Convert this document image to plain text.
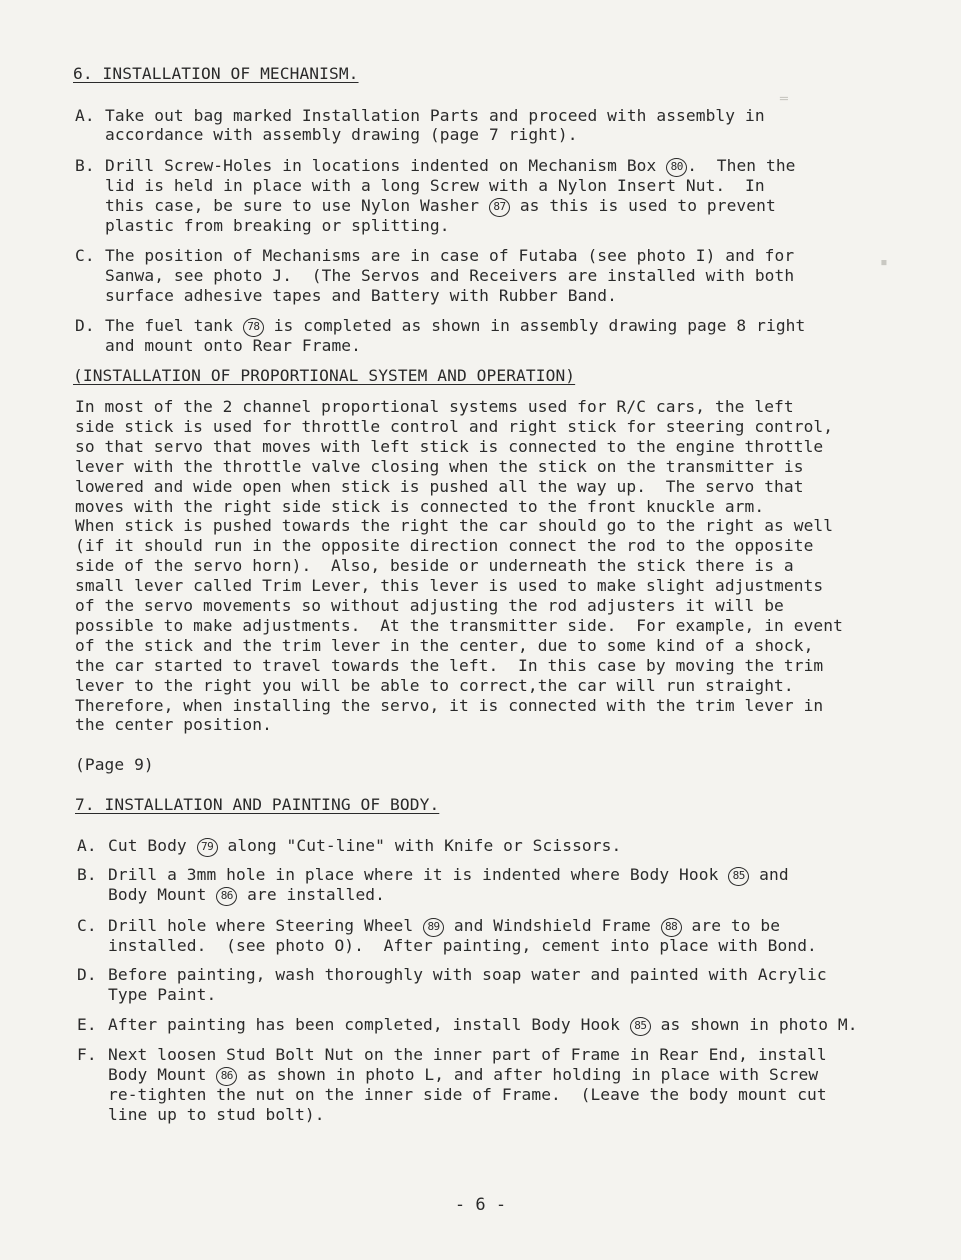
═
▪
6. INSTALLATION OF MECHANISM.
A. Take out bag marked Installation Parts and proceed with assembly in
accordance with assembly drawing (page 7 right).
B. Drill Screw-Holes in locations indented on Mechanism Box 80 .  Then the
lid is held in place with a long Screw with a Nylon Insert Nut.  In
this case, be sure to use Nylon Washer 87 as this is used to prevent
plastic from breaking or splitting.
C. The position of Mechanisms are in case of Futaba (see photo I) and for
Sanwa, see photo J.  (The Servos and Receivers are installed with both
surface adhesive tapes and Battery with Rubber Band.
D. The fuel tank 78 is completed as shown in assembly drawing page 8 right
and mount onto Rear Frame.
(INSTALLATION OF PROPORTIONAL SYSTEM AND OPERATION)
In most of the 2 channel proportional systems used for R/C cars, the left
side stick is used for throttle control and right stick for steering control,
so that servo that moves with left stick is connected to the engine throttle
lever with the throttle valve closing when the stick on the transmitter is
lowered and wide open when stick is pushed all the way up.  The servo that
moves with the right side stick is connected to the front knuckle arm.
When stick is pushed towards the right the car should go to the right as well
(if it should run in the opposite direction connect the rod to the opposite
side of the servo horn).  Also, beside or underneath the stick there is a
small lever called Trim Lever, this lever is used to make slight adjustments
of the servo movements so without adjusting the rod adjusters it will be
possible to make adjustments.  At the transmitter side.  For example, in event
of the stick and the trim lever in the center, due to some kind of a shock,
the car started to travel towards the left.  In this case by moving the trim
lever to the right you will be able to correct,the car will run straight.
Therefore, when installing the servo, it is connected with the trim lever in
the center position.
(Page 9)
7. INSTALLATION AND PAINTING OF BODY.
A. Cut Body 79 along "Cut-line" with Knife or Scissors.
B. Drill a 3mm hole in place where it is indented where Body Hook 85 and
Body Mount 86 are installed.
C. Drill hole where Steering Wheel 89 and Windshield Frame 88 are to be
installed.  (see photo O).  After painting, cement into place with Bond.
D. Before painting, wash thoroughly with soap water and painted with Acrylic
Type Paint.
E. After painting has been completed, install Body Hook 85 as shown in photo M.
F. Next loosen Stud Bolt Nut on the inner part of Frame in Rear End, install
Body Mount 86 as shown in photo L, and after holding in place with Screw
re-tighten the nut on the inner side of Frame.  (Leave the body mount cut
line up to stud bolt).
- 6 -
